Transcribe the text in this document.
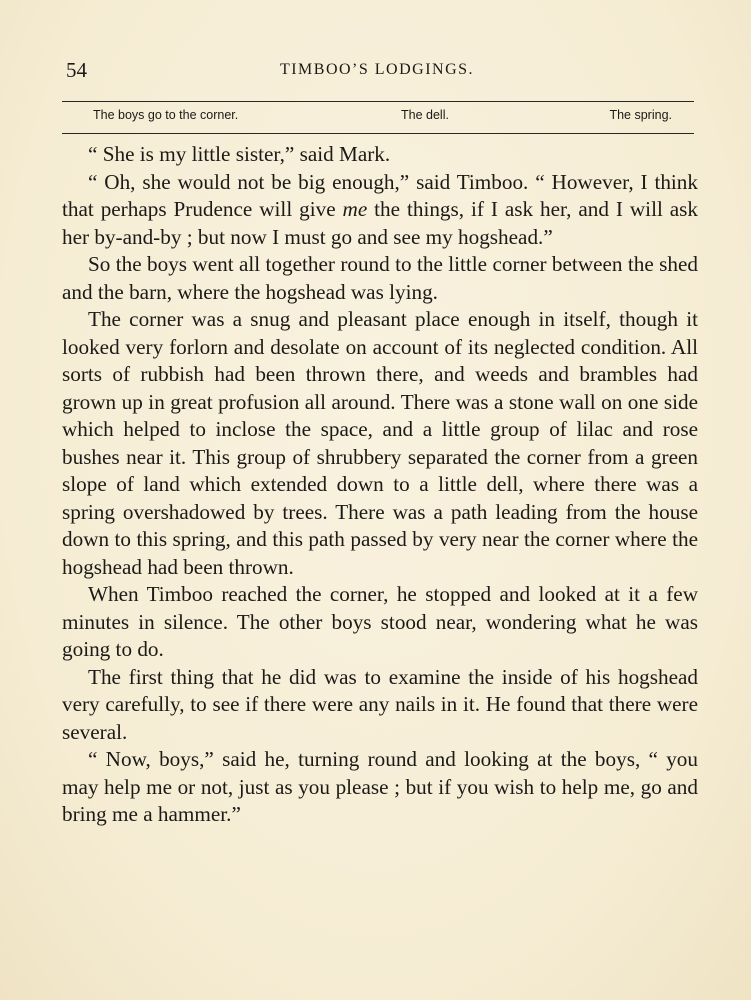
54	TIMBOO’S LODGINGS.
The boys go to the corner.	The dell.	The spring.

“ She is my little sister,” said Mark.

“ Oh, she would not be big enough,” said Timboo. “ However, I think that perhaps Prudence will give me the things, if I ask her, and I will ask her by-and-by ; but now I must go and see my hogshead.”

So the boys went all together round to the little corner between the shed and the barn, where the hogshead was lying.

The corner was a snug and pleasant place enough in itself, though it looked very forlorn and desolate on account of its neglected condition. All sorts of rubbish had been thrown there, and weeds and brambles had grown up in great profusion all around. There was a stone wall on one side which helped to inclose the space, and a little group of lilac and rose bushes near it. This group of shrubbery separated the corner from a green slope of land which extended down to a little dell, where there was a spring overshadowed by trees. There was a path leading from the house down to this spring, and this path passed by very near the corner where the hogshead had been thrown.

When Timboo reached the corner, he stopped and looked at it a few minutes in silence. The other boys stood near, wondering what he was going to do.

The first thing that he did was to examine the inside of his hogshead very carefully, to see if there were any nails in it. He found that there were several.

“ Now, boys,” said he, turning round and looking at the boys, “ you may help me or not, just as you please ; but if you wish to help me, go and bring me a hammer.”
